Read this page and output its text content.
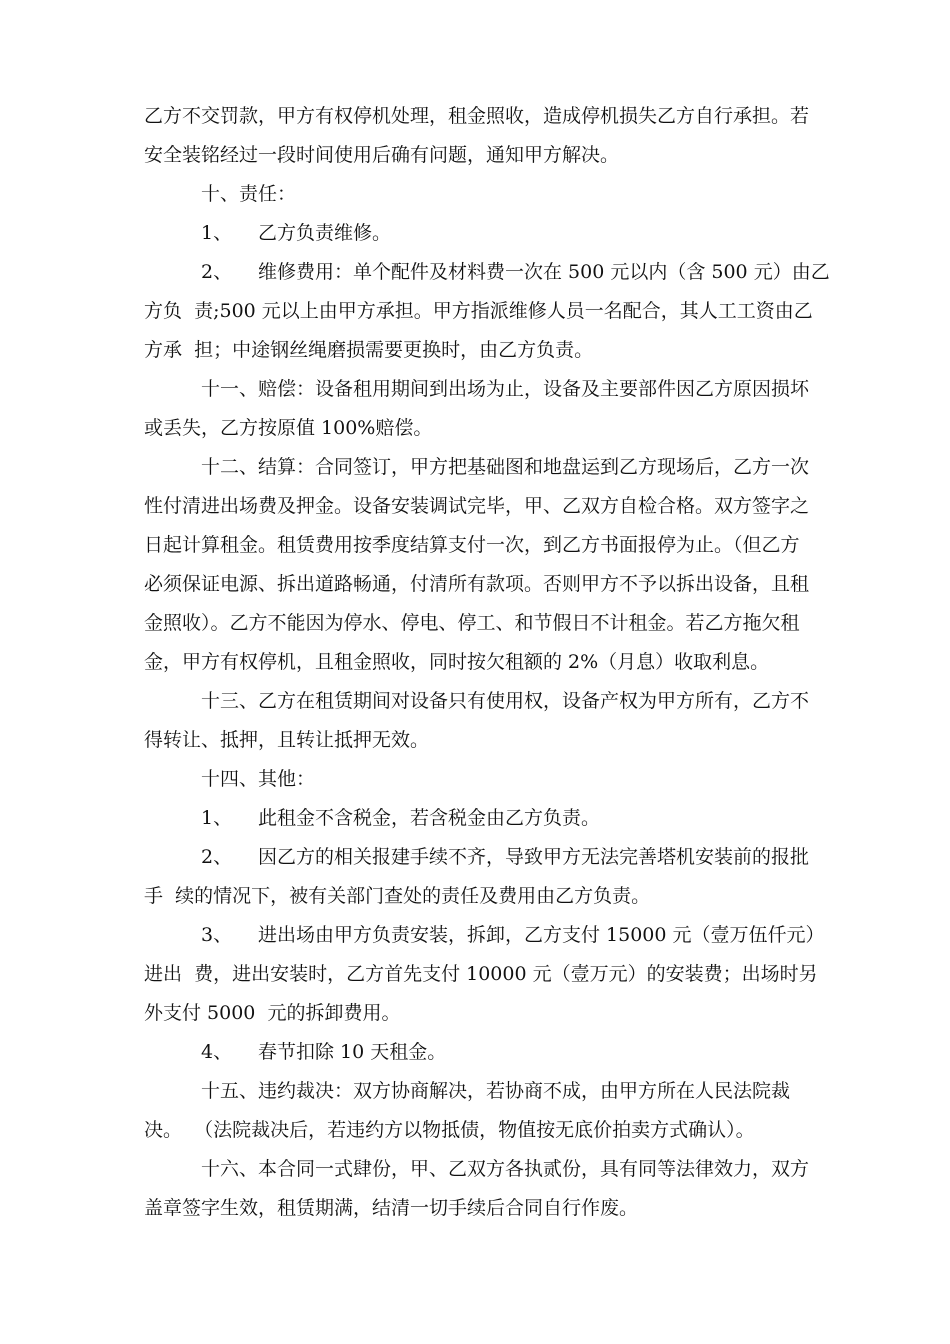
乙方不交罚款，甲方有权停机处理，租金照收，造成停机损失乙方自行承担。若
安全装铭经过一段时间使用后确有问题，通知甲方解决。
十、责任：
1、 乙方负责维修。
2、 维修费用：单个配件及材料费一次在 500 元以内（含 500 元）由乙
方负  责;500 元以上由甲方承担。甲方指派维修人员一名配合，其人工工资由乙
方承  担；中途钢丝绳磨损需要更换时，由乙方负责。
十一、赔偿：设备租用期间到出场为止，设备及主要部件因乙方原因损坏
或丢失，乙方按原值 100%赔偿。
十二、结算：合同签订，甲方把基础图和地盘运到乙方现场后，乙方一次
性付清进出场费及押金。设备安装调试完毕，甲、乙双方自检合格。双方签字之
日起计算租金。租赁费用按季度结算支付一次，到乙方书面报停为止。（但乙方
必须保证电源、拆出道路畅通，付清所有款项。否则甲方不予以拆出设备，且租
金照收）。乙方不能因为停水、停电、停工、和节假日不计租金。若乙方拖欠租
金，甲方有权停机，且租金照收，同时按欠租额的 2%（月息）收取利息。
十三、乙方在租赁期间对设备只有使用权，设备产权为甲方所有，乙方不
得转让、抵押，且转让抵押无效。
十四、其他：
1、 此租金不含税金，若含税金由乙方负责。
2、 因乙方的相关报建手续不齐，导致甲方无法完善塔机安装前的报批
手  续的情况下，被有关部门查处的责任及费用由乙方负责。
3、 进出场由甲方负责安装，拆卸，乙方支付 15000 元（壹万伍仟元）
进出  费，进出安装时，乙方首先支付 10000 元（壹万元）的安装费；出场时另
外支付 5000  元的拆卸费用。
4、 春节扣除 10 天租金。
十五、违约裁决：双方协商解决，若协商不成，由甲方所在人民法院裁
决。  （法院裁决后，若违约方以物抵债，物值按无底价拍卖方式确认）。
十六、本合同一式肆份，甲、乙双方各执贰份，具有同等法律效力，双方
盖章签字生效，租赁期满，结清一切手续后合同自行作废。
